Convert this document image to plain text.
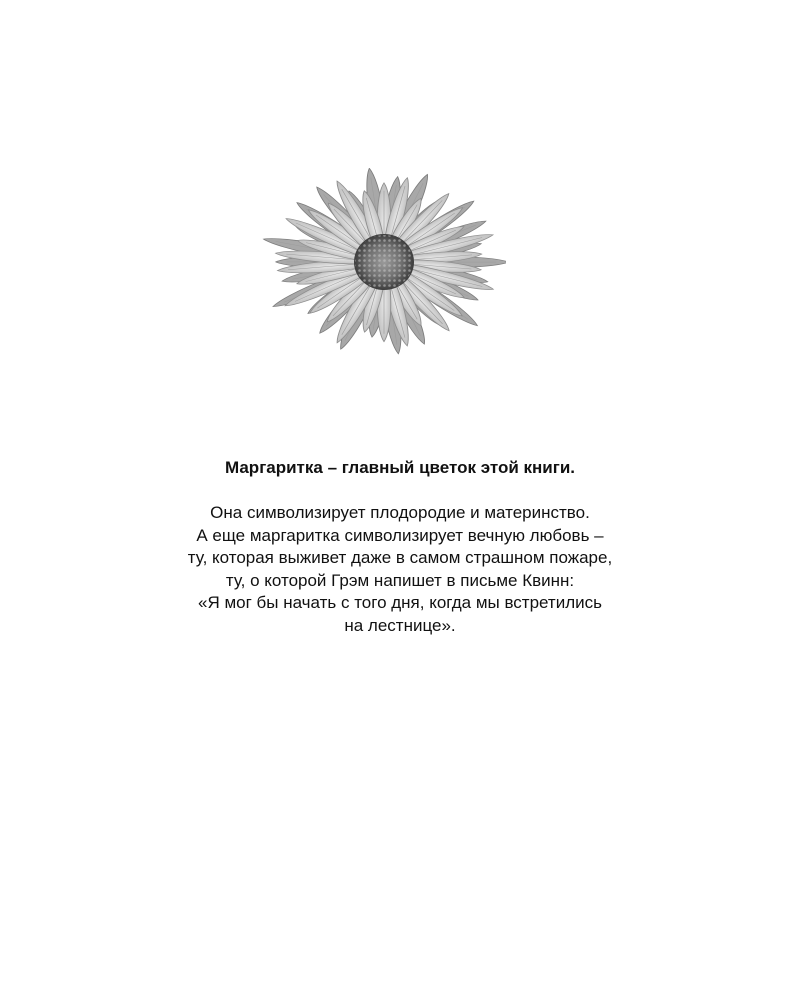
Маргаритка – главный цветок этой книги.

Она символизирует плодородие и материнство.
А еще маргаритка символизирует вечную любовь –
ту, которая выживет даже в самом страшном пожаре,
ту, о которой Грэм напишет в письме Квинн:
«Я мог бы начать с того дня, когда мы встретились
на лестнице».
